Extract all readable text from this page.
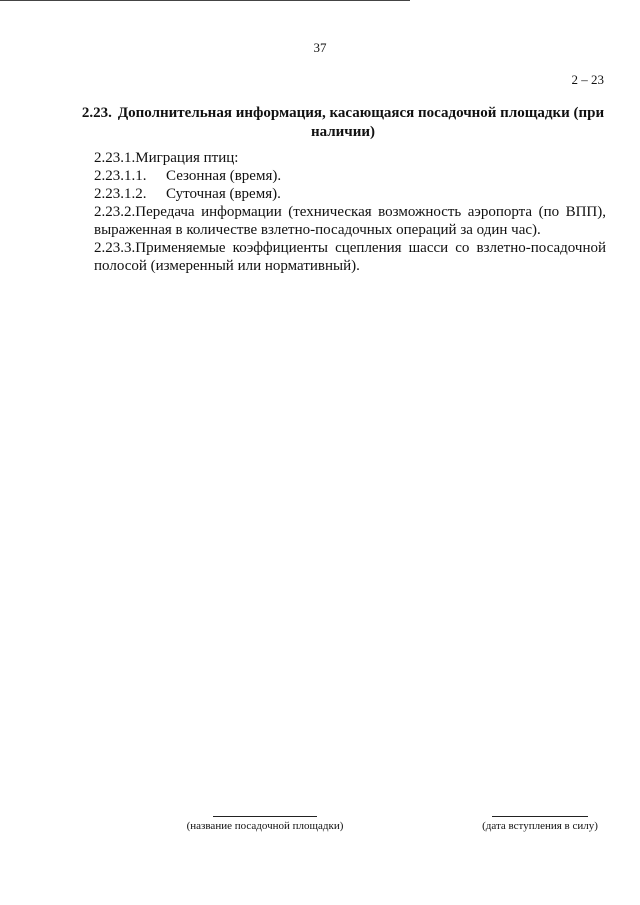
37
2 – 23
2.23. Дополнительная информация, касающаяся посадочной площадки (при наличии)

2.23.1.Миграция птиц:

2.23.1.1. Сезонная (время).

2.23.1.2. Суточная (время).

2.23.2.Передача информации (техническая возможность аэропорта (по ВПП), выраженная в количестве взлетно-посадочных операций за один час).

2.23.3.Применяемые коэффициенты сцепления шасси со взлетно-посадочной полосой (измеренный или нормативный).

(название посадочной площадки)	(дата вступления в силу)
